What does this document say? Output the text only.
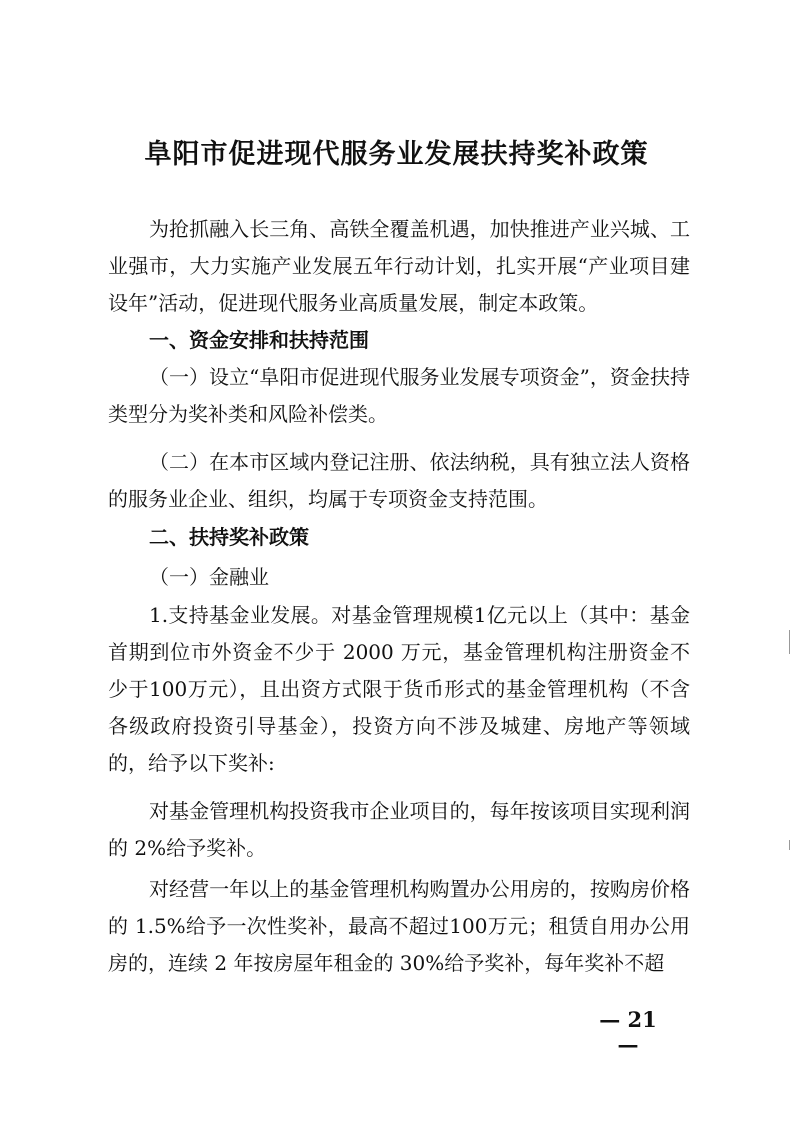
阜阳市促进现代服务业发展扶持奖补政策
为抢抓融入长三角、高铁全覆盖机遇，加快推进产业兴城、工业强市，大力实施产业发展五年行动计划，扎实开展“产业项目建设年”活动，促进现代服务业高质量发展，制定本政策。
一、资金安排和扶持范围
（一）设立“阜阳市促进现代服务业发展专项资金”，资金扶持类型分为奖补类和风险补偿类。
（二）在本市区域内登记注册、依法纳税，具有独立法人资格的服务业企业、组织，均属于专项资金支持范围。
二、扶持奖补政策
（一）金融业
1.支持基金业发展。对基金管理规模1亿元以上（其中：基金首期到位市外资金不少于 2000 万元，基金管理机构注册资金不少于100万元），且出资方式限于货币形式的基金管理机构（不含各级政府投资引导基金），投资方向不涉及城建、房地产等领域的，给予以下奖补:
对基金管理机构投资我市企业项目的，每年按该项目实现利润的 2%给予奖补。
对经营一年以上的基金管理机构购置办公用房的，按购房价格的 1.5%给予一次性奖补，最高不超过100万元；租赁自用办公用房的，连续 2 年按房屋年租金的 30%给予奖补，每年奖补不超
— 21 —
